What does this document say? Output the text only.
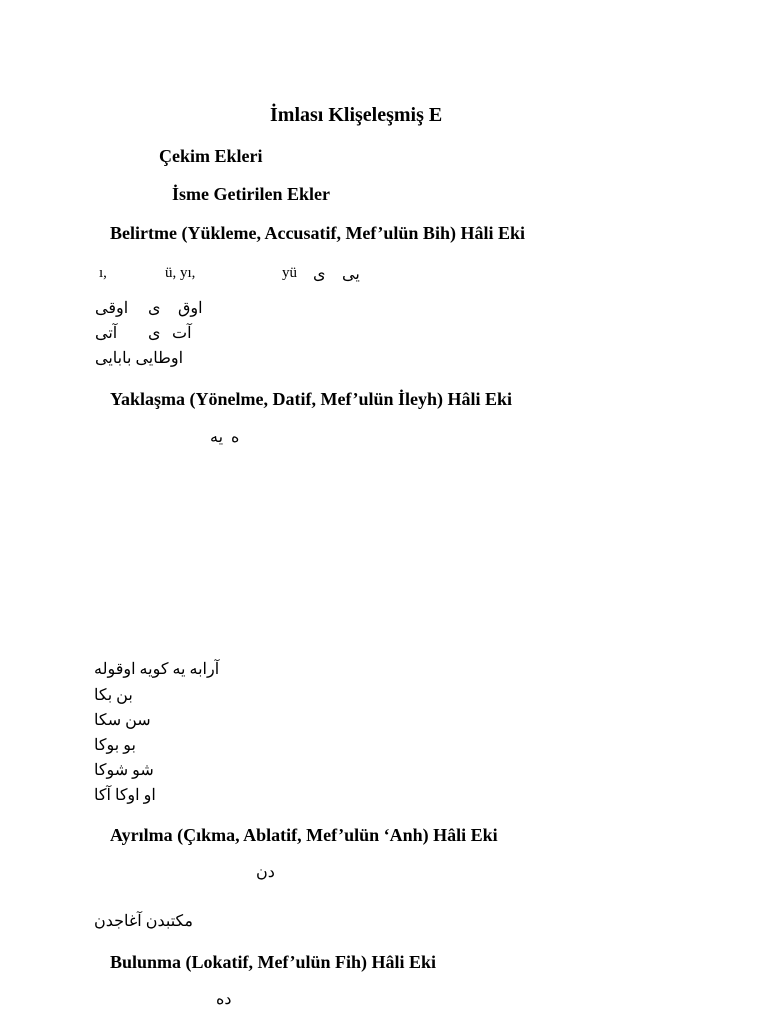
İmlası Klişeleşmiş E
Çekim Ekleri
İsme Getirilen Ekler
Belirtme (Yükleme, Accusatif, Mef’ulün Bih) Hâli Eki
ı,	ü, yı,	yü ى يى
اوقى ى اوق
آتى ى آت
اوطايى بابايى
Yaklaşma (Yönelme, Datif, Mef’ulün İleyh) Hâli Eki
يه ه
آرابه يه كويه اوقوله
بن بكا
سن سكا
بو بوكا
شو شوكا
او اوكا آكا
Ayrılma (Çıkma, Ablatif, Mef’ulün ‘Anh) Hâli Eki
دن
مكتبدن آغاجدن
Bulunma (Lokatif, Mef’ulün Fih) Hâli Eki
ده
